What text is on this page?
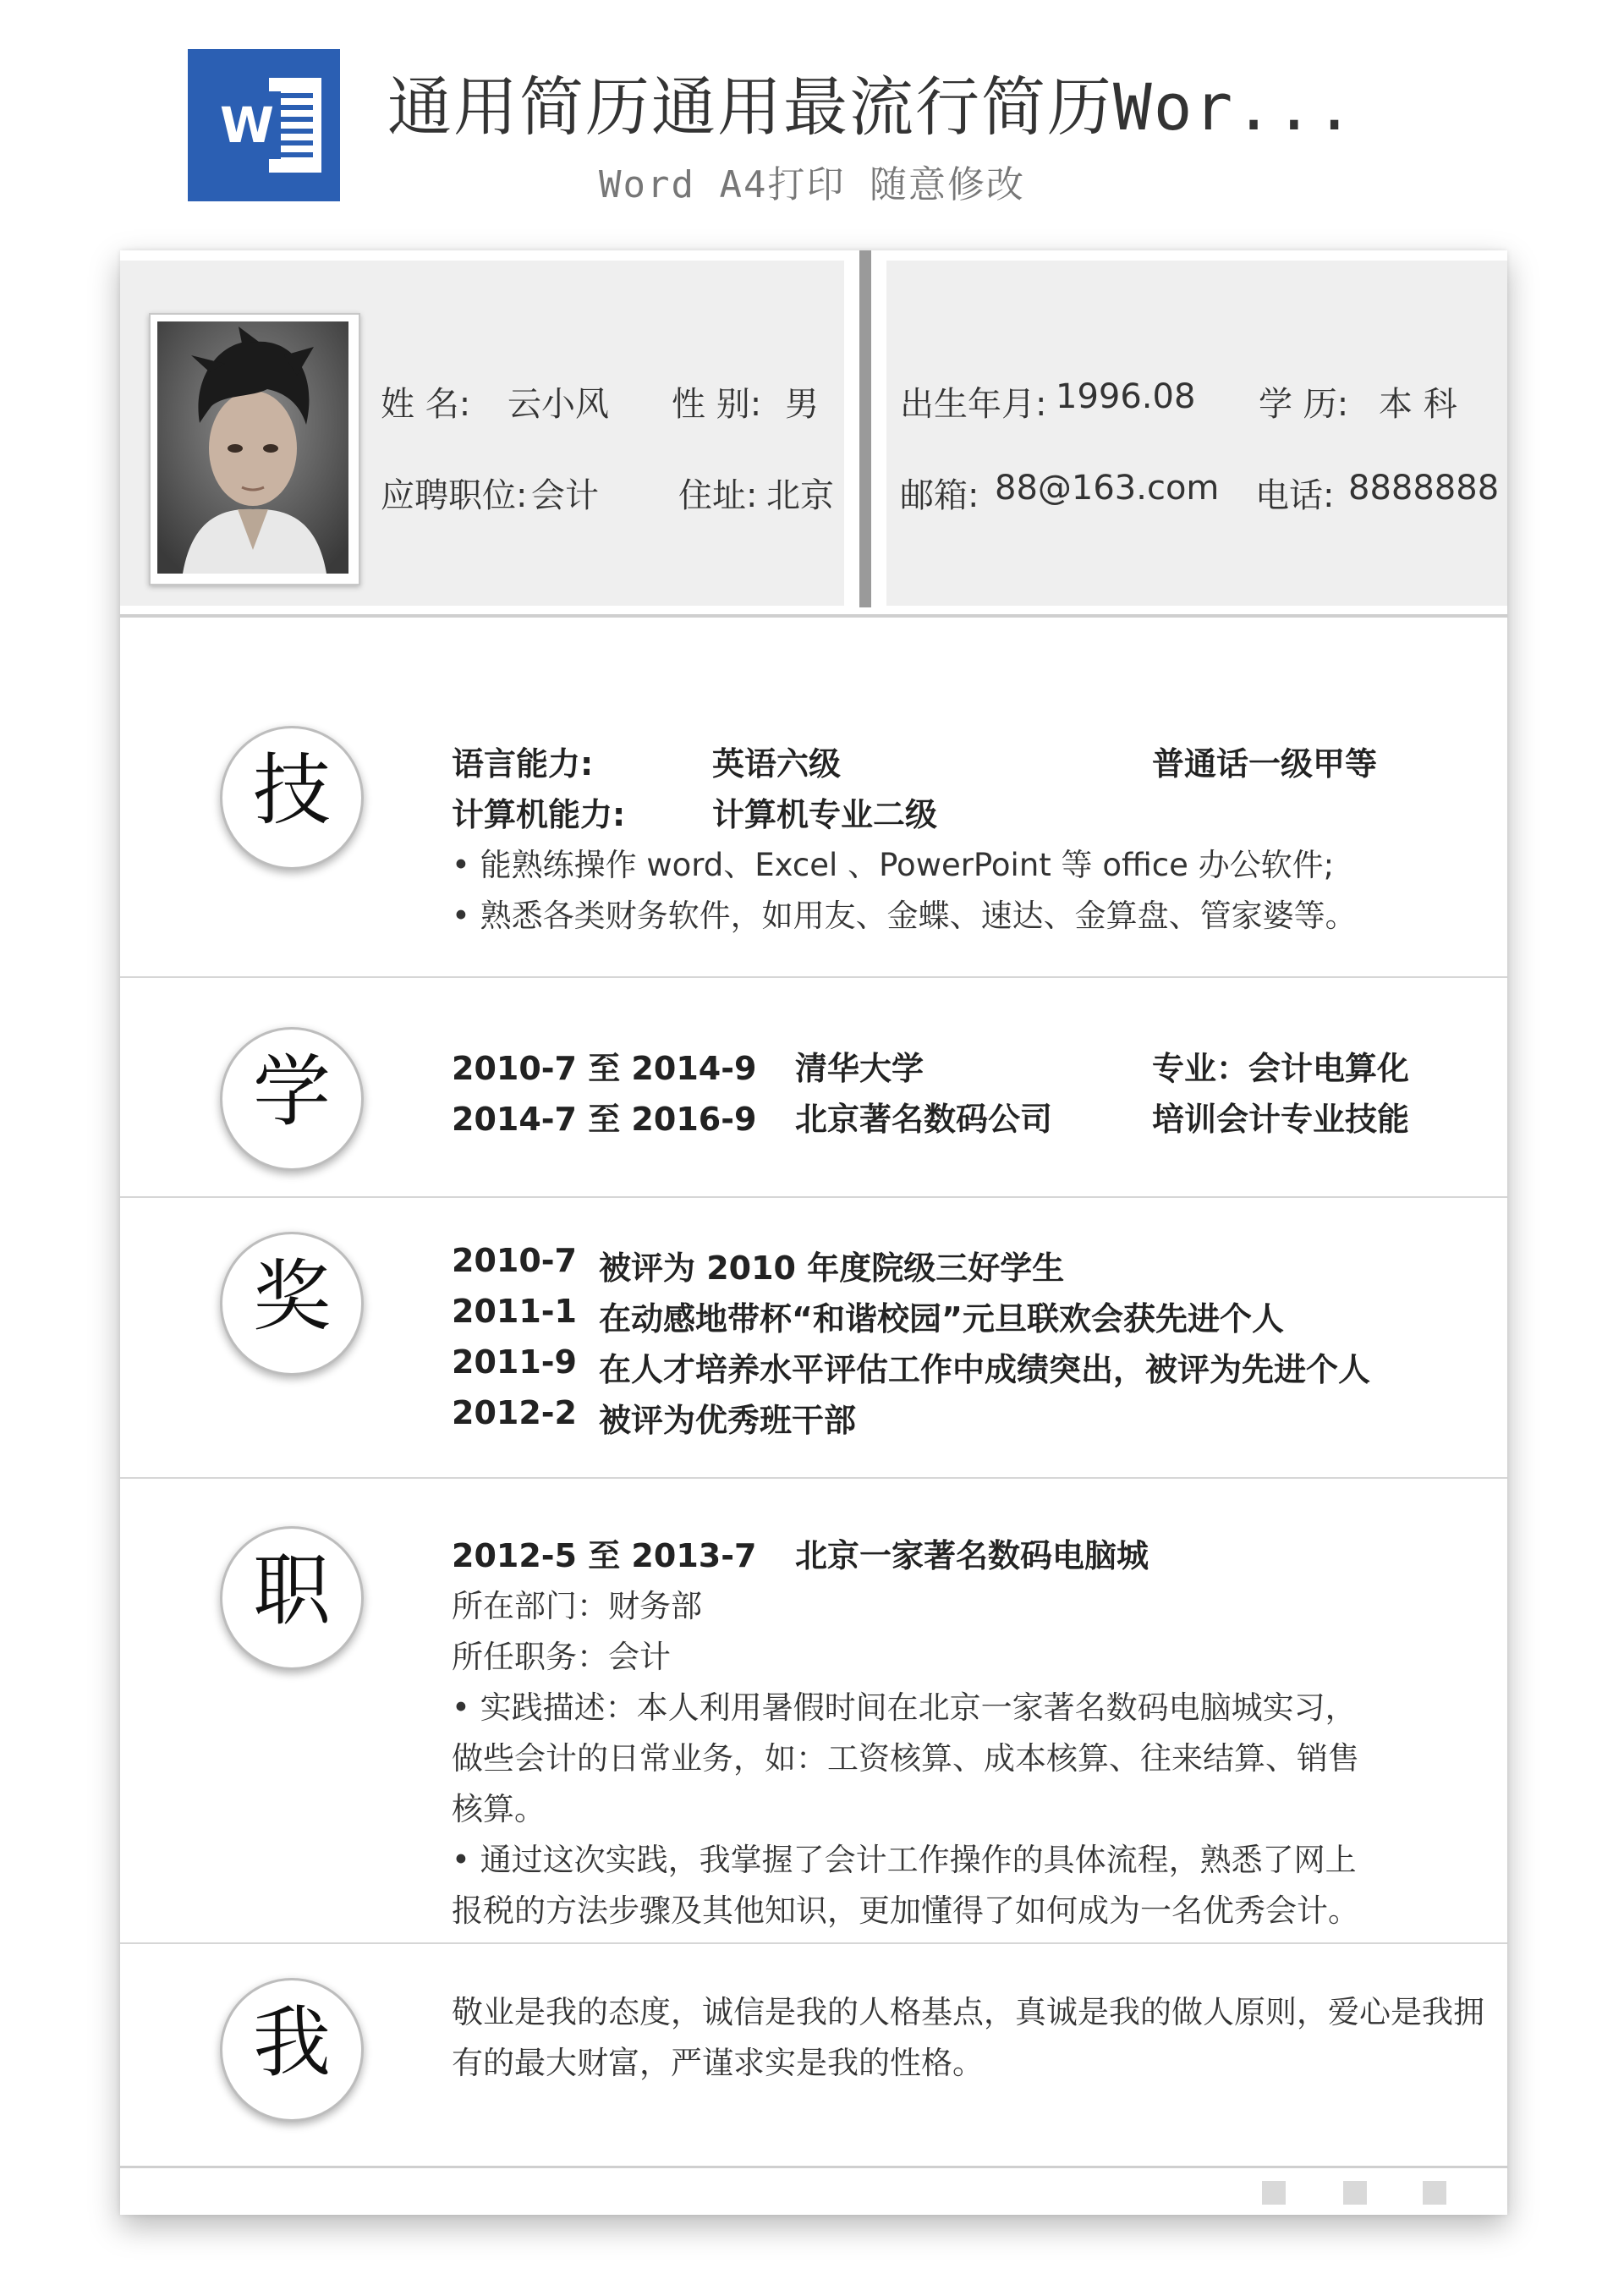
W 通用简历通用最流行简历Wor...
Word A4打印 随意修改
姓 名: 云小风 性 别: 男
应聘职位: 会计 住址: 北京
出生年月: 1996.08 学 历: 本 科
邮箱: 88@163.com 电话: 8888888
技	语言能力:	英语六级	普通话一级甲等
计算机能力:	计算机专业二级
• 能熟练操作 word、Excel 、PowerPoint 等 office 办公软件;
• 熟悉各类财务软件，如用友、金蝶、速达、金算盘、管家婆等。
学	2010-7 至 2014-9 清华大学	专业：会计电算化
2014-7 至 2016-9 北京著名数码公司	培训会计专业技能
奖	2010-7 被评为 2010 年度院级三好学生
2011-1 在动感地带杯“和谐校园”元旦联欢会获先进个人
2011-9 在人才培养水平评估工作中成绩突出，被评为先进个人
2012-2 被评为优秀班干部
职	2012-5 至 2013-7 北京一家著名数码电脑城
所在部门：财务部
所任职务：会计
• 实践描述：本人利用暑假时间在北京一家著名数码电脑城实习，
做些会计的日常业务，如：工资核算、成本核算、往来结算、销售
核算。
• 通过这次实践，我掌握了会计工作操作的具体流程，熟悉了网上
报税的方法步骤及其他知识，更加懂得了如何成为一名优秀会计。
我	敬业是我的态度，诚信是我的人格基点，真诚是我的做人原则，爱心是我拥
有的最大财富，严谨求实是我的性格。
